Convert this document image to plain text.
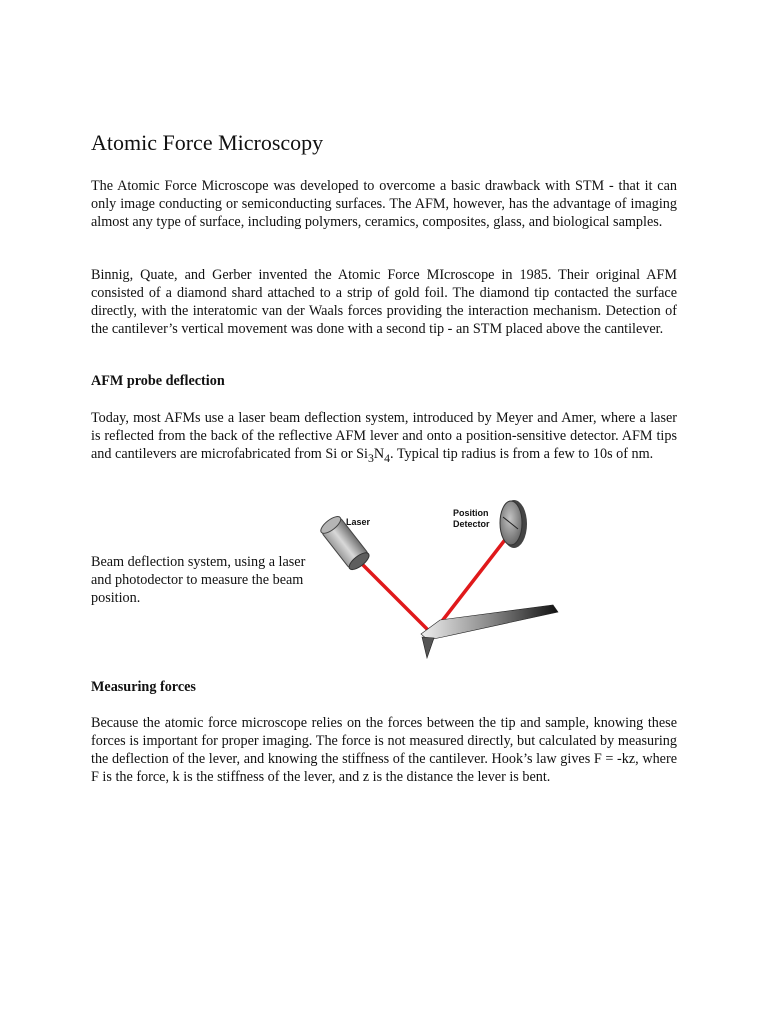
Atomic Force Microscopy

The Atomic Force Microscope was developed to overcome a basic drawback with STM - that it can only image conducting or semiconducting surfaces. The AFM, however, has the advantage of imaging almost any type of surface, including polymers, ceramics, composites, glass, and biological samples.

Binnig, Quate, and Gerber invented the Atomic Force MIcroscope in 1985. Their original AFM consisted of a diamond shard attached to a strip of gold foil. The diamond tip contacted the surface directly, with the interatomic van der Waals forces providing the interaction mechanism. Detection of the cantilever’s vertical movement was done with a second tip - an STM placed above the cantilever.

AFM probe deflection

Today, most AFMs use a laser beam deflection system, introduced by Meyer and Amer, where a laser is reflected from the back of the reflective AFM lever and onto a position-sensitive detector. AFM tips and cantilevers are microfabricated from Si or $Si_3N_4$. Typical tip radius is from a few to 10s of nm.

Beam deflection system, using a laser and photodector to measure the beam position.

Laser
Position
Detector
Measuring forces

Because the atomic force microscope relies on the forces between the tip and sample, knowing these forces is important for proper imaging. The force is not measured directly, but calculated by measuring the deflection of the lever, and knowing the stiffness of the cantilever. Hook’s law gives F = -kz, where F is the force, k is the stiffness of the lever, and z is the distance the lever is bent.
